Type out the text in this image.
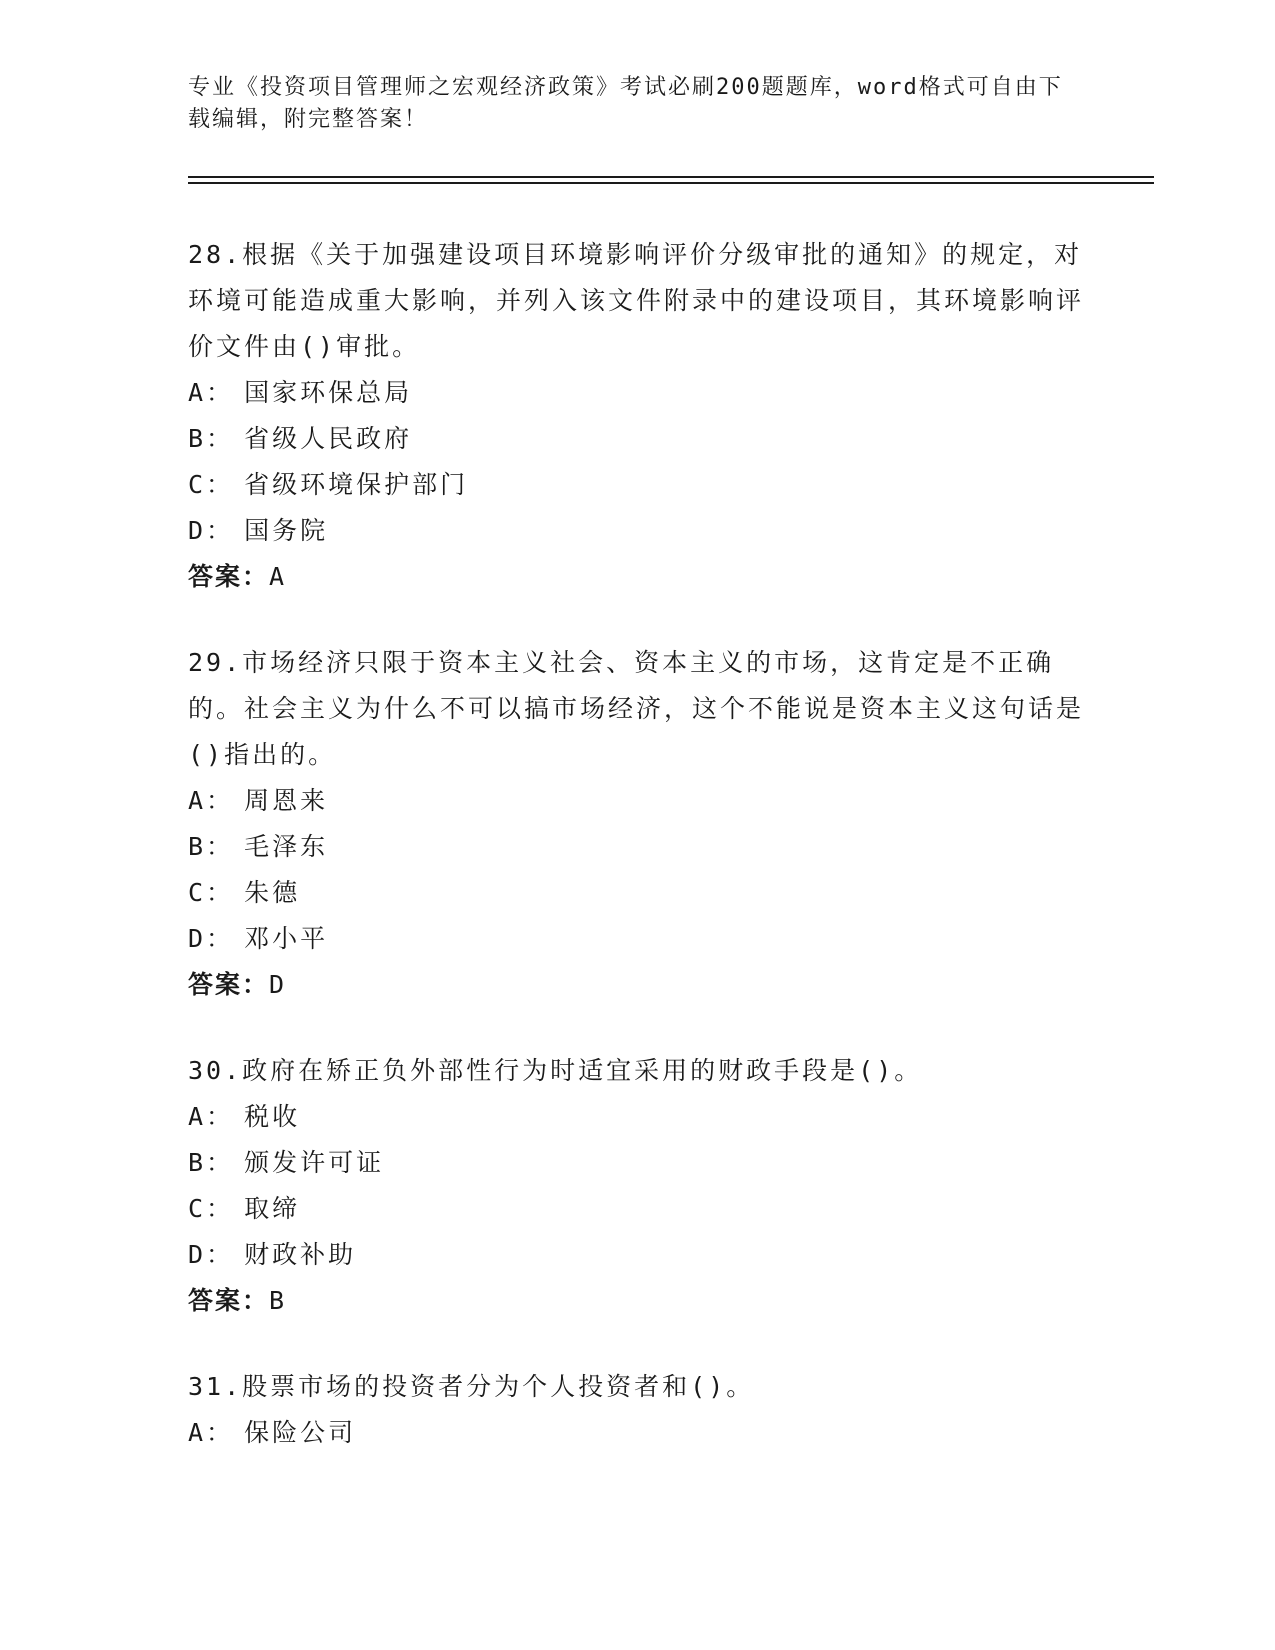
专业《投资项目管理师之宏观经济政策》考试必刷200题题库，word格式可自由下载编辑，附完整答案！
28.根据《关于加强建设项目环境影响评价分级审批的通知》的规定，对环境可能造成重大影响，并列入该文件附录中的建设项目，其环境影响评价文件由()审批。
A： 国家环保总局
B： 省级人民政府
C： 省级环境保护部门
D： 国务院
答案：A
29.市场经济只限于资本主义社会、资本主义的市场，这肯定是不正确的。社会主义为什么不可以搞市场经济，这个不能说是资本主义这句话是()指出的。
A： 周恩来
B： 毛泽东
C： 朱德
D： 邓小平
答案：D
30.政府在矫正负外部性行为时适宜采用的财政手段是()。
A： 税收
B： 颁发许可证
C： 取缔
D： 财政补助
答案：B
31.股票市场的投资者分为个人投资者和()。
A： 保险公司
